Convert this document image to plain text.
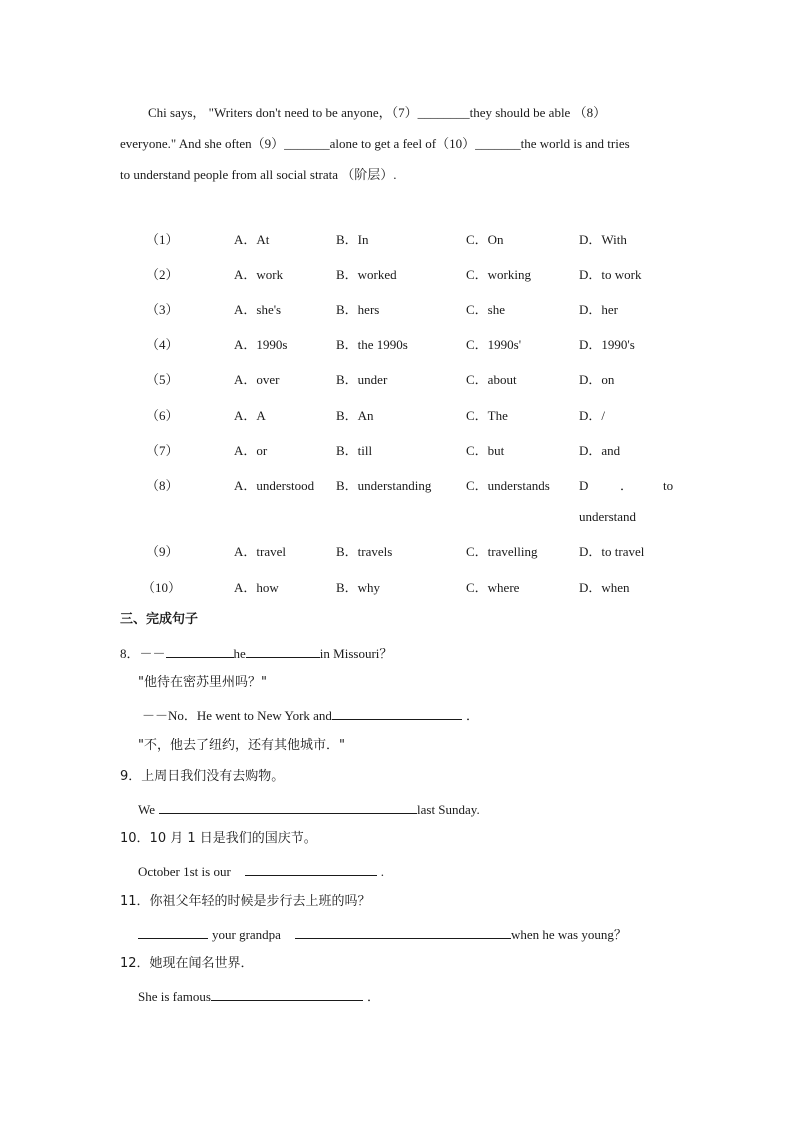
Chi says， "Writers don't need to be anyone，（7）________they should be able （8）
everyone." And she often（9）_______alone to get a feel of（10）_______the world is and tries
to understand people from all social strata （阶层）.
（1）	A．At	B．In	C．On	D．With
（2）	A．work	B．worked	C．working	D．to work
（3）	A．she's	B．hers	C．she	D．her
（4）	A．1990s	B．the 1990s	C．1990s'	D．1990's
（5）	A．over	B．under	C．about	D．on
（6）	A．A	B．An	C．The	D．/
（7）	A．or	B．till	C．but	D．and
（8）	A．understood B．understanding	C．understands D ． to
understand
（9）	A．travel	B．travels	C．travelling	D．to travel
（10）	A．how	B．why	C．where	D．when
三、完成句子
8．－－	he	in Missouri？
"他待在密苏里州吗？"
－－No．He went to New York and	．
"不，他去了纽约，还有其他城市．"
9．上周日我们没有去购物。
We	last Sunday.
10．10 月 1 日是我们的国庆节。
October 1st is our	.
11．你祖父年轻的时候是步行去上班的吗？
your grandpa	when he was young？
12．她现在闻名世界．
She is famous	．
